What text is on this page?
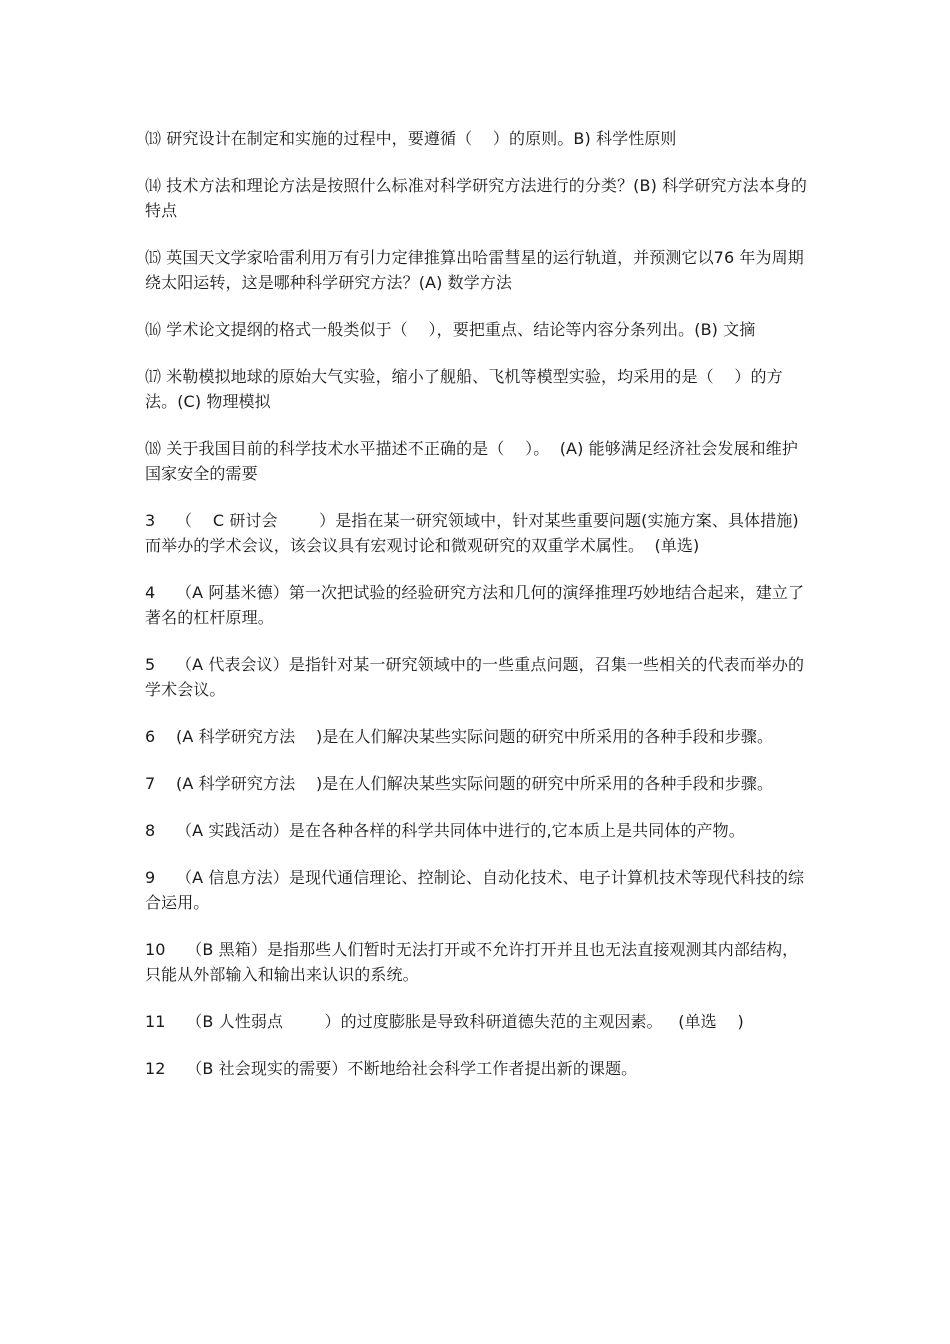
⒀ 研究设计在制定和实施的过程中，要遵循（    ）的原则。B) 科学性原则

⒁ 技术方法和理论方法是按照什么标准对科学研究方法进行的分类？(B) 科学研究方法本身的特点

⒂ 英国天文学家哈雷利用万有引力定律推算出哈雷彗星的运行轨道，并预测它以76 年为周期绕太阳运转，这是哪种科学研究方法？(A) 数学方法

⒃ 学术论文提纲的格式一般类似于（    ），要把重点、结论等内容分条列出。(B) 文摘

⒄ 米勒模拟地球的原始大气实验，缩小了舰船、飞机等模型实验，均采用的是（    ）的方法。(C) 物理模拟

⒅ 关于我国目前的科学技术水平描述不正确的是（    ）。  (A) 能够满足经济社会发展和维护国家安全的需要

3    （    C 研讨会        ）是指在某一研究领域中，针对某些重要问题(实施方案、具体措施)而举办的学术会议，该会议具有宏观讨论和微观研究的双重学术属性。  (单选)

4    （A 阿基米德）第一次把试验的经验研究方法和几何的演绎推理巧妙地结合起来，建立了著名的杠杆原理。

5    （A 代表会议）是指针对某一研究领域中的一些重点问题，召集一些相关的代表而举办的学术会议。

6    (A 科学研究方法    )是在人们解决某些实际问题的研究中所采用的各种手段和步骤。

7    (A 科学研究方法    )是在人们解决某些实际问题的研究中所采用的各种手段和步骤。

8    （A 实践活动）是在各种各样的科学共同体中进行的,它本质上是共同体的产物。

9    （A 信息方法）是现代通信理论、控制论、自动化技术、电子计算机技术等现代科技的综合运用。

10    （B 黑箱）是指那些人们暂时无法打开或不允许打开并且也无法直接观测其内部结构，只能从外部输入和输出来认识的系统。

11    （B 人性弱点        ）的过度膨胀是导致科研道德失范的主观因素。   (单选    )

12    （B 社会现实的需要）不断地给社会科学工作者提出新的课题。
